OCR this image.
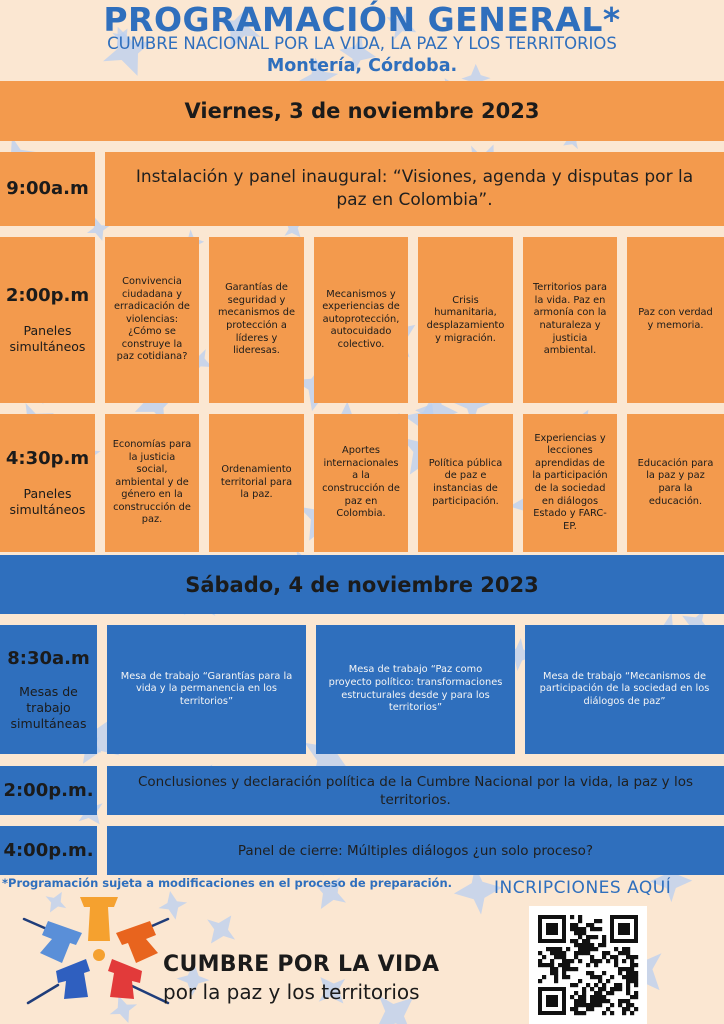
PROGRAMACIÓN GENERAL*
CUMBRE NACIONAL POR LA VIDA, LA PAZ Y LOS TERRITORIOS
Montería, Córdoba.
Viernes, 3 de noviembre 2023
9:00a.m
Instalación y panel inaugural: “Visiones, agenda y disputas por la paz en Colombia”.
2:00p.m
Paneles simultáneos
Convivencia ciudadana y erradicación de violencias: ¿Cómo se construye la paz cotidiana?
Garantías de seguridad y mecanismos de protección a líderes y lideresas.
Mecanismos y experiencias de autoprotección, autocuidado colectivo.
Crisis humanitaria, desplazamiento y migración.
Territorios para la vida. Paz en armonía con la naturaleza y justicia ambiental.
Paz con verdad y memoria.
4:30p.m
Paneles simultáneos
Economías para la justicia social, ambiental y de género en la construcción de paz.
Ordenamiento territorial para la paz.
Aportes internacionales a la construcción de paz en Colombia.
Política pública de paz e instancias de participación.
Experiencias y lecciones aprendidas de la participación de la sociedad en diálogos Estado y FARC-EP.
Educación para la paz y paz para la educación.
Sábado, 4 de noviembre 2023
8:30a.m
Mesas de trabajo simultáneas
Mesa de trabajo “Garantías para la vida y la permanencia en los territorios”
Mesa de trabajo “Paz como proyecto político: transformaciones estructurales desde y para los territorios”
Mesa de trabajo “Mecanismos de participación de la sociedad en los diálogos de paz”
2:00p.m.	Conclusiones y declaración política de la Cumbre Nacional por la vida, la paz y los territorios.
4:00p.m.	Panel de cierre: Múltiples diálogos ¿un solo proceso?
*Programación sujeta a modificaciones en el proceso de preparación. INCRIPCIONES AQUÍ
CUMBRE POR LA VIDA
por la paz y los territorios
